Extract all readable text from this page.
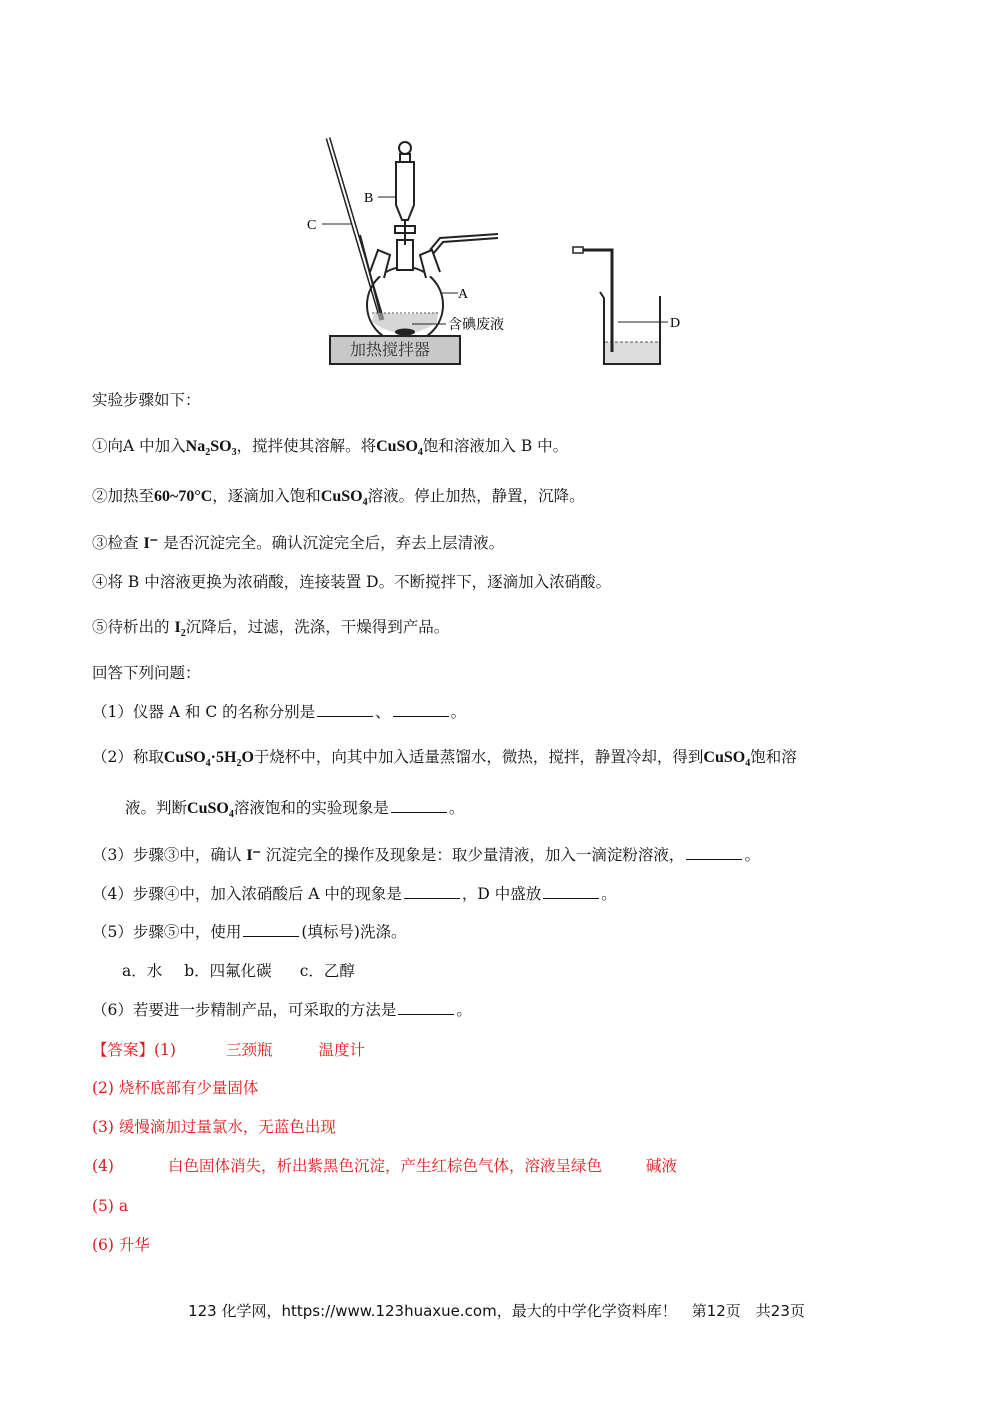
C
A
含碘废液
B
加热搅拌器
D
实验步骤如下：
①向A 中加入$Na_2SO_3$，搅拌使其溶解。将CuSO$_4$饱和溶液加入 B 中。
②加热至60~70°C，逐滴加入饱和CuSO$_4$溶液。停止加热，静置，沉降。
③检查 I⁻ 是否沉淀完全。确认沉淀完全后，弃去上层清液。
④将 B 中溶液更换为浓硝酸，连接装置 D。不断搅拌下，逐滴加入浓硝酸。
⑤待析出的 $I_2$沉降后，过滤，洗涤，干燥得到产品。
回答下列问题：
（1）仪器 A 和 C 的名称分别是	、	。
（2）称取$CuSO_4\cdot 5H_2O$于烧杯中，向其中加入适量蒸馏水，微热，搅拌，静置冷却，得到CuSO$_4$饱和溶
液。判断CuSO$_4$溶液饱和的实验现象是	。
（3）步骤③中，确认 I⁻ 沉淀完全的操作及现象是：取少量清液，加入一滴淀粉溶液，	。
（4）步骤④中，加入浓硝酸后 A 中的现象是	，D 中盛放	。
（5）步骤⑤中，使用	(填标号)洗涤。
a．水 b．四氟化碳 c．乙醇
（6）若要进一步精制产品，可采取的方法是	。
【答案】(1)	三颈瓶	温度计
(2) 烧杯底部有少量固体
(3) 缓慢滴加过量氯水，无蓝色出现
(4)	白色固体消失，析出紫黑色沉淀，产生红棕色气体，溶液呈绿色	碱液
(5) a
(6) 升华
123 化学网，https://www.123huaxue.com，最大的中学化学资料库！　第12页　共23页
